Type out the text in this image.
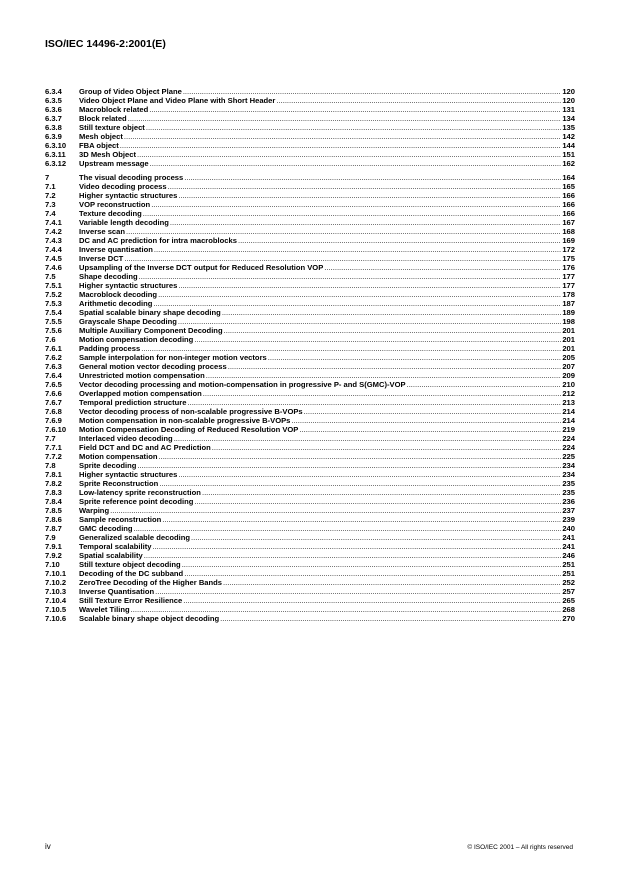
ISO/IEC 14496-2:2001(E)
6.3.4	Group of Video Object Plane .....	120
6.3.5	Video Object Plane and Video Plane with Short Header .....	120
6.3.6	Macroblock related .....	131
6.3.7	Block related .....	134
6.3.8	Still texture object .....	135
6.3.9	Mesh object .....	142
6.3.10	FBA object .....	144
6.3.11	3D Mesh Object .....	151
6.3.12	Upstream message .....	162
7	The visual decoding process .....	164
7.1	Video decoding process .....	165
7.2	Higher syntactic structures .....	166
7.3	VOP reconstruction .....	166
7.4	Texture decoding .....	166
7.4.1	Variable length decoding .....	167
7.4.2	Inverse scan .....	168
7.4.3	DC and AC prediction for intra macroblocks .....	169
7.4.4	Inverse quantisation .....	172
7.4.5	Inverse DCT .....	175
7.4.6	Upsampling of the Inverse DCT output for Reduced Resolution VOP .....	176
7.5	Shape decoding .....	177
7.5.1	Higher syntactic structures .....	177
7.5.2	Macroblock decoding .....	178
7.5.3	Arithmetic decoding .....	187
7.5.4	Spatial scalable binary shape decoding .....	189
7.5.5	Grayscale Shape Decoding .....	198
7.5.6	Multiple Auxiliary Component Decoding .....	201
7.6	Motion compensation decoding .....	201
7.6.1	Padding process .....	201
7.6.2	Sample interpolation for non-integer motion vectors .....	205
7.6.3	General motion vector decoding process .....	207
7.6.4	Unrestricted motion compensation .....	209
7.6.5	Vector decoding processing and motion-compensation in progressive P- and S(GMC)-VOP .....	210
7.6.6	Overlapped motion compensation .....	212
7.6.7	Temporal prediction structure .....	213
7.6.8	Vector decoding process of non-scalable progressive B-VOPs .....	214
7.6.9	Motion compensation in non-scalable progressive B-VOPs .....	214
7.6.10	Motion Compensation Decoding of Reduced Resolution VOP .....	219
7.7	Interlaced video decoding .....	224
7.7.1	Field DCT and DC and AC Prediction .....	224
7.7.2	Motion compensation .....	225
7.8	Sprite decoding .....	234
7.8.1	Higher syntactic structures .....	234
7.8.2	Sprite Reconstruction .....	235
7.8.3	Low-latency sprite reconstruction .....	235
7.8.4	Sprite reference point decoding .....	236
7.8.5	Warping .....	237
7.8.6	Sample reconstruction .....	239
7.8.7	GMC decoding .....	240
7.9	Generalized scalable decoding .....	241
7.9.1	Temporal scalability .....	241
7.9.2	Spatial scalability .....	246
7.10	Still texture object decoding .....	251
7.10.1	Decoding of the DC subband .....	251
7.10.2	ZeroTree Decoding of the Higher Bands .....	252
7.10.3	Inverse Quantisation .....	257
7.10.4	Still Texture Error Resilience .....	265
7.10.5	Wavelet Tiling .....	268
7.10.6	Scalable binary shape object decoding .....	270
iv	© ISO/IEC 2001 – All rights reserved
